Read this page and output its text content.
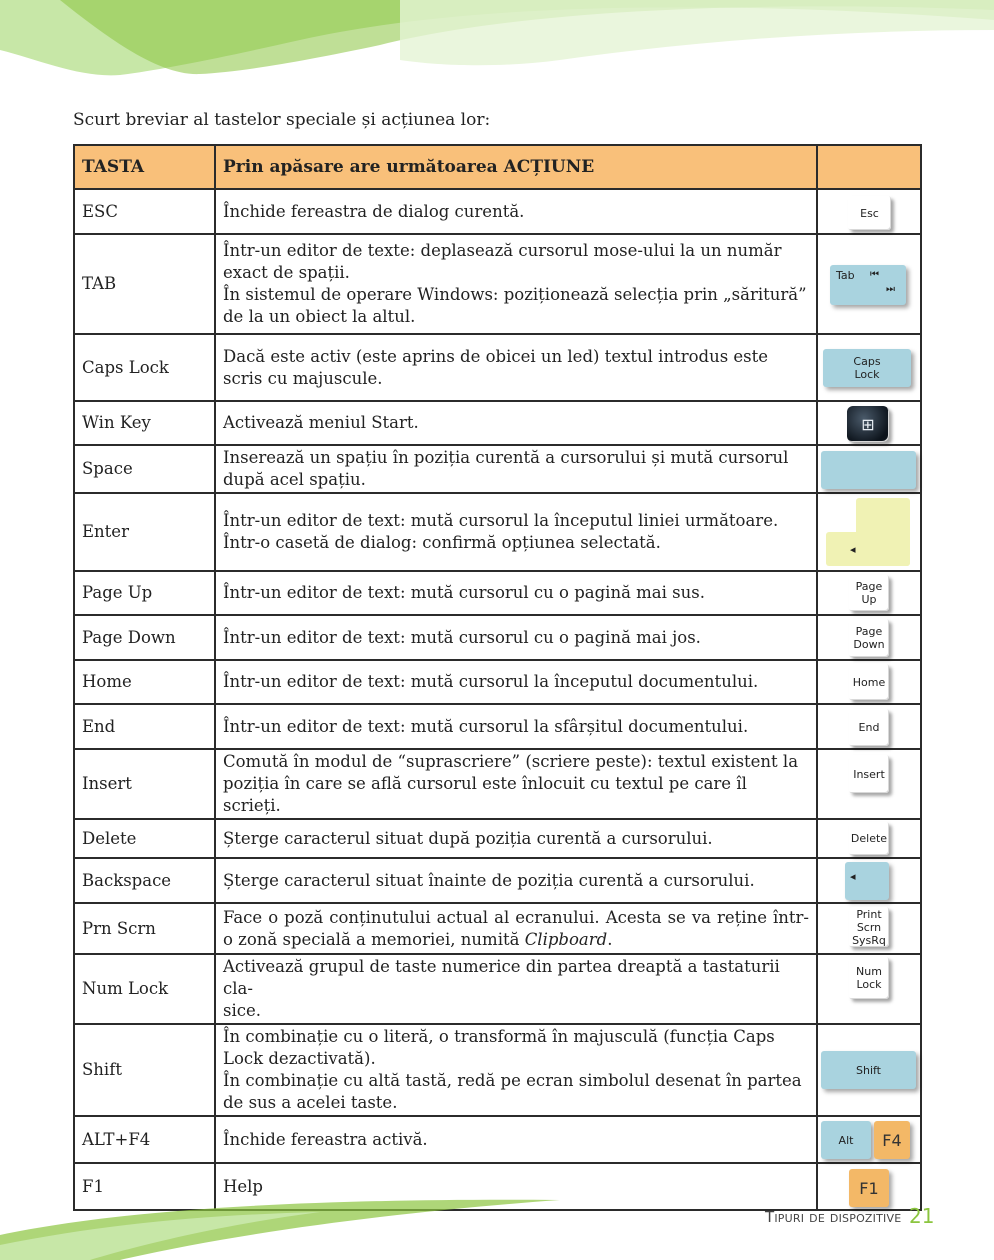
Scurt breviar al tastelor speciale și acțiunea lor:
TASTA	Prin apăsare are următoarea ACȚIUNE	
ESC	Închide fereastra de dialog curentă.	Esc

TAB	Într-un editor de texte: deplasează cursorul mose-ului la un număr exact de spații.
În sistemul de operare Windows: poziționează selecția prin „săritură” de la un obiect la altul.	Tab ⏮
⏭

Caps Lock	Dacă este activ (este aprins de obicei un led) textul introdus este scris cu majuscule.	Caps
Lock

Win Key	Activează meniul Start.	⊞

Space	Inserează un spațiu în poziția curentă a cursorului și mută cursorul după acel spațiu.	

Enter	Într-un editor de text: mută cursorul la începutul liniei următoare.
Într-o casetă de dialog: confirmă opțiunea selectată.	◂

Page Up	Într-un editor de text: mută cursorul cu o pagină mai sus.	Page
Up

Page Down	Într-un editor de text: mută cursorul cu o pagină mai jos.	Page
Down

Home	Într-un editor de text: mută cursorul la începutul documentului.	Home

End	Într-un editor de text: mută cursorul la sfârșitul documentului.	End

Insert	Comută în modul de “suprascriere” (scriere peste): textul existent la poziția în care se află cursorul este înlocuit cu textul pe care îl scrieți.	Insert

Delete	Șterge caracterul situat după poziția curentă a cursorului.	Delete

Backspace	Șterge caracterul situat înainte de poziția curentă a cursorului.	◂

Prn Scrn	Face o poză conținutului actual al ecranului. Acesta se va reține într-o zonă specială a memoriei, numită Clipboard.	Print
Scrn
SysRq

Num Lock	Activează grupul de taste numerice din partea dreaptă a tastaturii cla-
sice.	Num
Lock

Shift	În combinație cu o literă, o transformă în majusculă (funcția Caps Lock dezactivată).
În combinație cu altă tastă, redă pe ecran simbolul desenat în partea de sus a acelei taste.	Shift

ALT+F4	Închide fereastra activă.	Alt F4

F1	Help	F1
Tipuri de dispozitive 21
